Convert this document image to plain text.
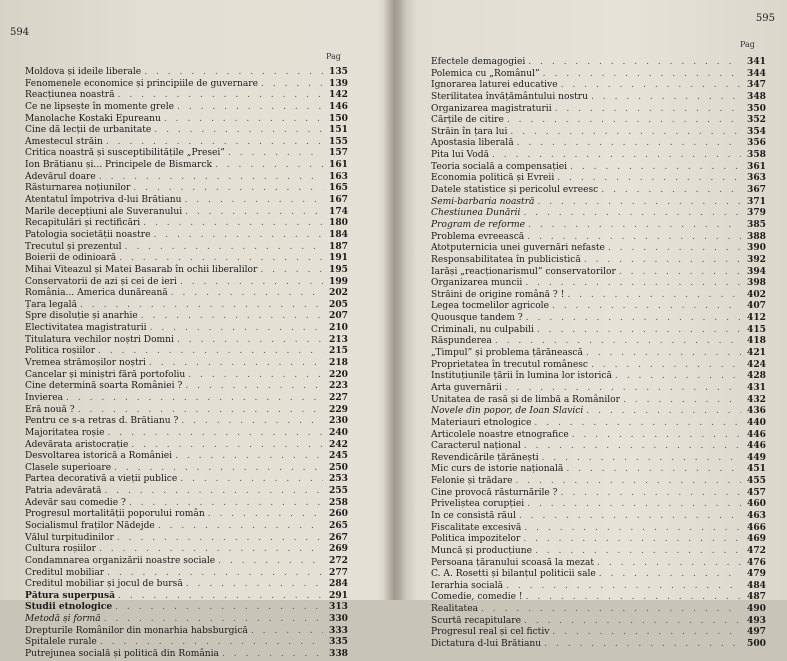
594
Pag
Moldova și ideile liberale . . .	135
Fenomenele economice și principiile de guvernare . . .	139
Reacțiunea noastră . . .	142
Ce ne lipsește în momente grele . . .	146
Manolache Kostaki Epureanu . . .	150
Cine dă lecții de urbanitate . . .	151
Amestecul străin . . .	155
Critica noastră și susceptibilitățile „Presei” . . .	157
Ion Brătianu și... Principele de Bismarck . . .	161
Adevărul doare . . .	163
Răsturnarea noțiunilor . . .	165
Atentatul împotriva d-lui Brătianu . . .	167
Marile decepțiuni ale Suveranului . . .	174
Recapitulări și rectificări . . .	180
Patologia societății noastre . . .	184
Trecutul și prezentul . . .	187
Boierii de odinioară . . .	191
Mihai Viteazul și Matei Basarab în ochii liberalilor . . .	195
Conservatorii de azi și cei de ieri . . .	199
România... America dunăreană . . .	202
Țara legală . . .	205
Spre disoluție și anarhie . . .	207
Electivitatea magistraturii . . .	210
Titulatura vechilor noștri Domni . . .	213
Politica roșiilor . . .	215
Vremea strămoșilor noștri . . .	218
Cancelar și miniștri fără portofoliu . . .	220
Cine determină soarta României ? . . .	223
Invierea . . .	227
Eră nouă ? . . .	229
Pentru ce s-a retras d. Brătianu ? . . .	230
Majoritatea roșie . . .	240
Adevărata aristocrație . . .	242
Desvoltarea istorică a României . . .	245
Clasele superioare . . .	250
Partea decorativă a vieții publice . . .	253
Patria adevărată . . .	255
Adevăr sau comedie ? . . .	258
Progresul mortalității poporului român . . .	260
Socialismul fraților Nădejde . . .	265
Vălul turpitudinilor . . .	267
Cultura roșiilor . . .	269
Condamnarea organizării noastre sociale . . .	272
Creditul mobiliar . . .	277
Creditul mobiliar și jocul de bursă . . .	284
Pătura superpusă . . .	291
Studii etnologice . . .	313
Metodă și formă . . .	330
Drepturile Românilor din monarhia habsburgică . . .	333
Spitalele rurale . . .	335
Putrejunea socială și politică din România . . .	338
595
Pag
Efectele demagogiei . . .	341
Polemica cu „Românul” . . .	344
Ignorarea laturei educative . . .	347
Sterilitatea învățământului nostru . . .	348
Organizarea magistraturii . . .	350
Cărțile de citire . . .	352
Străin în țara lui . . .	354
Apostasia liberală . . .	356
Pita lui Vodă . . .	358
Teoria socială a compensației . . .	361
Economia politică și Evreii . . .	363
Datele statistice și pericolul evreesc . . .	367
Semi-barbaria noastră . . .	371
Chestiunea Dunării . . .	379
Program de reforme . . .	385
Problema evreească . . .	388
Atotputernicia unei guvernări nefaste . . .	390
Responsabilitatea în publicistică . . .	392
Iarăși „reacționarismul” conservatorilor . . .	394
Organizarea muncii . . .	398
Străini de origine română ? ! . . .	402
Legea tocmelilor agricole . . .	407
Quousque tandem ? . . .	412
Criminali, nu culpabili . . .	415
Răspunderea . . .	418
„Timpul” și problema țărănească . . .	421
Proprietatea în trecutul românesc . . .	424
Instituțiunile țării în lumina lor istorică . . .	428
Arta guvernării . . .	431
Unitatea de rasă și de limbă a Românilor . . .	432
Novele din popor, de Ioan Slavici . . .	436
Materiauri etnologice . . .	440
Articolele noastre etnografice . . .	446
Caracterul național . . .	446
Revendicările țărănești . . .	449
Mic curs de istorie națională . . .	451
Felonie și trădare . . .	455
Cine provocă răsturnările ? . . .	457
Priveliștea corupției . . .	460
In ce consistă răul . . .	463
Fiscalitate excesivă . . .	466
Politica impozitelor . . .	469
Muncă și producțiune . . .	472
Persoana țăranului scoasă la mezat . . .	476
C. A. Rosetti și bilanțul politicii sale . . .	479
Ierarhia socială . . .	484
Comedie, comedie ! . . .	487
Realitatea . . .	490
Scurtă recapitulare . . .	493
Progresul real și cel fictiv . . .	497
Dictatura d-lui Brătianu . . .	500
